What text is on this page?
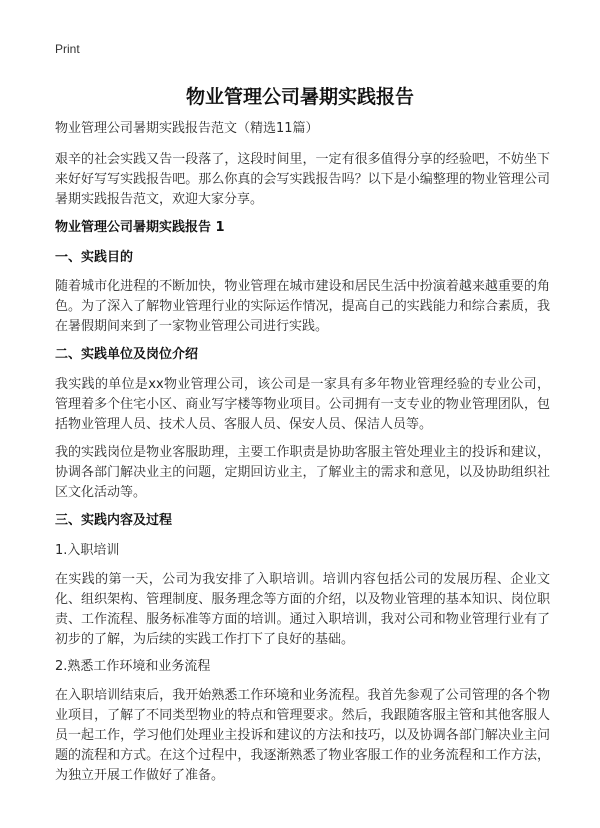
Print
物业管理公司暑期实践报告
物业管理公司暑期实践报告范文（精选11篇）
艰辛的社会实践又告一段落了，这段时间里，一定有很多值得分享的经验吧，不妨坐下来好好写写实践报告吧。那么你真的会写实践报告吗？以下是小编整理的物业管理公司暑期实践报告范文，欢迎大家分享。
物业管理公司暑期实践报告 1
一、实践目的
随着城市化进程的不断加快，物业管理在城市建设和居民生活中扮演着越来越重要的角色。为了深入了解物业管理行业的实际运作情况，提高自己的实践能力和综合素质，我在暑假期间来到了一家物业管理公司进行实践。
二、实践单位及岗位介绍
我实践的单位是xx物业管理公司，该公司是一家具有多年物业管理经验的专业公司，管理着多个住宅小区、商业写字楼等物业项目。公司拥有一支专业的物业管理团队，包括物业管理人员、技术人员、客服人员、保安人员、保洁人员等。
我的实践岗位是物业客服助理，主要工作职责是协助客服主管处理业主的投诉和建议，协调各部门解决业主的问题，定期回访业主，了解业主的需求和意见，以及协助组织社区文化活动等。
三、实践内容及过程
1.入职培训
在实践的第一天，公司为我安排了入职培训。培训内容包括公司的发展历程、企业文化、组织架构、管理制度、服务理念等方面的介绍，以及物业管理的基本知识、岗位职责、工作流程、服务标准等方面的培训。通过入职培训，我对公司和物业管理行业有了初步的了解，为后续的实践工作打下了良好的基础。
2.熟悉工作环境和业务流程
在入职培训结束后，我开始熟悉工作环境和业务流程。我首先参观了公司管理的各个物业项目，了解了不同类型物业的特点和管理要求。然后，我跟随客服主管和其他客服人员一起工作，学习他们处理业主投诉和建议的方法和技巧，以及协调各部门解决业主问题的流程和方式。在这个过程中，我逐渐熟悉了物业客服工作的业务流程和工作方法，为独立开展工作做好了准备。
